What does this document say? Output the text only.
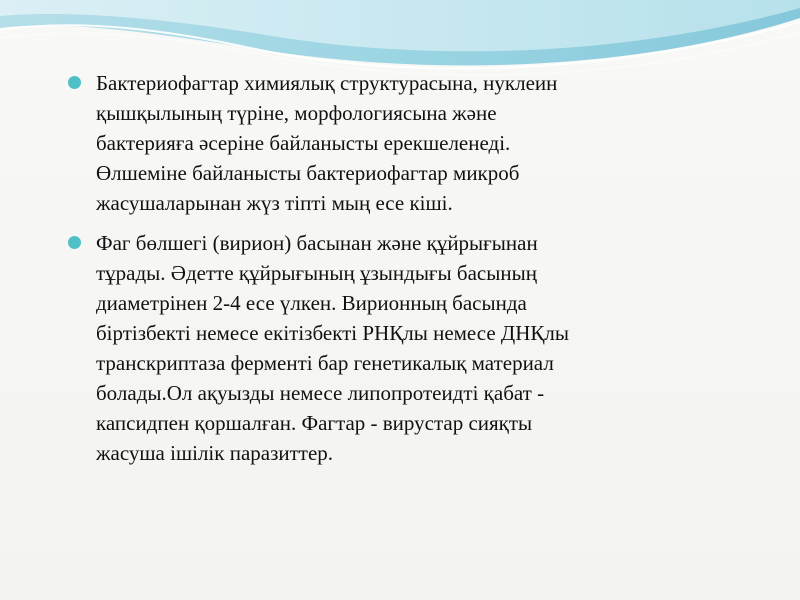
Бактериофагтар химиялық структурасына, нуклеин
қышқылының түріне, морфологиясына және
бактерияға әсеріне байланысты ерекшеленеді.
Өлшеміне байланысты бактериофагтар микроб
жасушаларынан жүз тіпті мың есе кіші.
Фаг бөлшегі (вирион) басынан және құйрығынан
тұрады. Әдетте құйрығының ұзындығы басының
диаметрінен 2-4 есе үлкен. Вирионның басында
біртізбекті немесе екітізбекті РНҚлы немесе ДНҚлы
транскриптаза ферменті бар генетикалық материал
болады.Ол ақуызды немесе липопротеидті қабат -
капсидпен қоршалған. Фагтар - вирустар сияқты
жасуша ішілік паразиттер.
